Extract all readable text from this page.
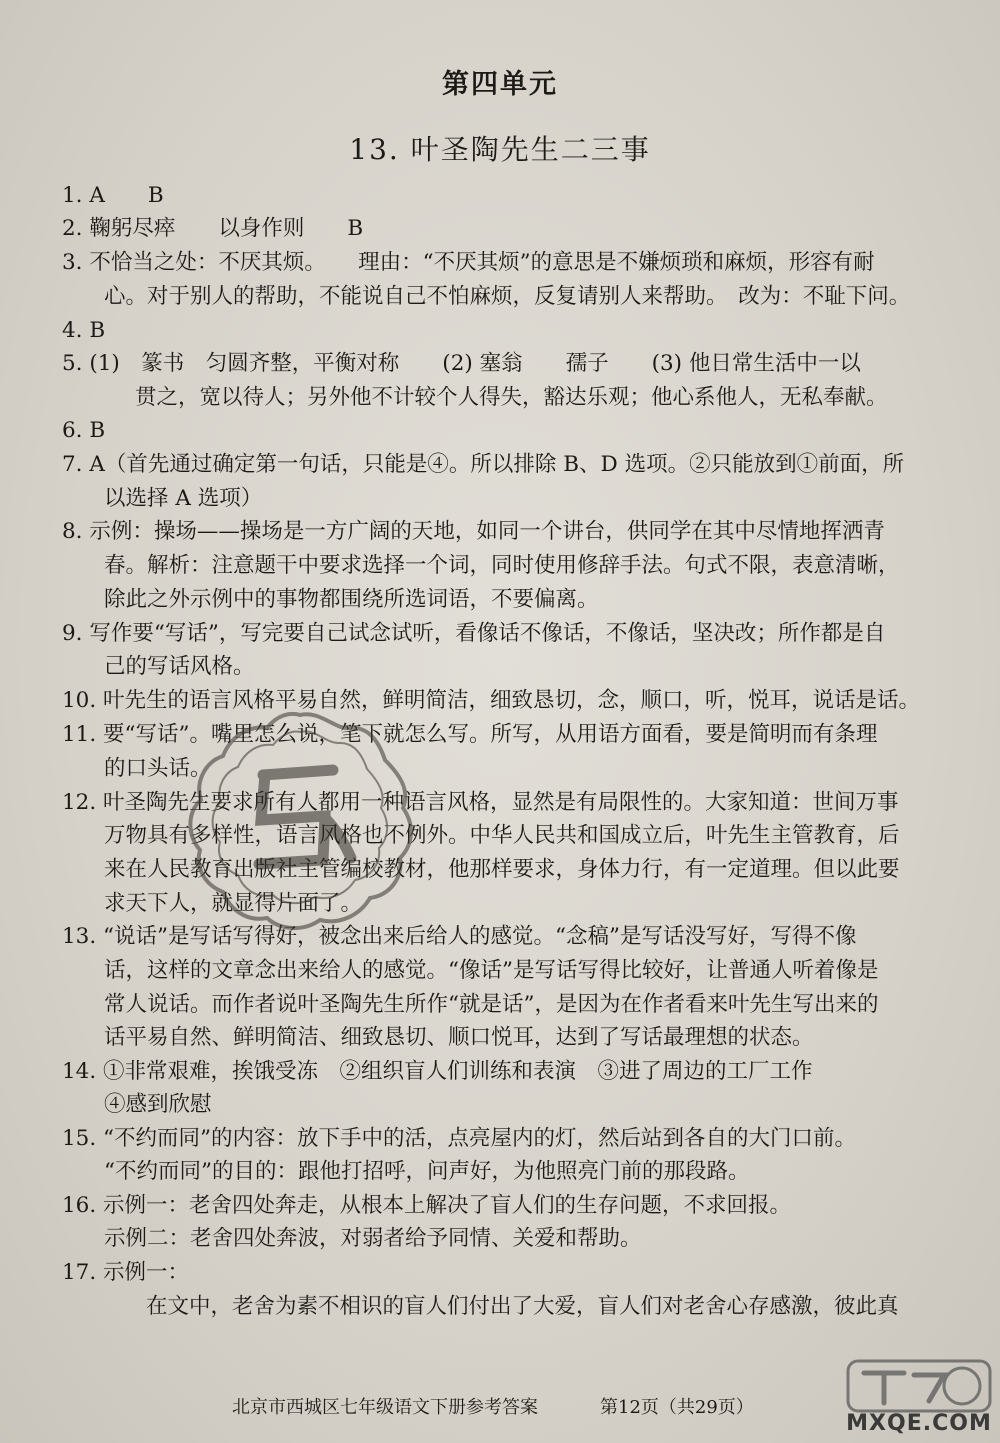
第四单元
13. 叶圣陶先生二三事
1. A　　B
2. 鞠躬尽瘁　　以身作则　　B
3. 不恰当之处：不厌其烦。　　理由：“不厌其烦”的意思是不嫌烦琐和麻烦，形容有耐
心。对于别人的帮助，不能说自己不怕麻烦，反复请别人来帮助。　改为：不耻下问。
4. B
5. (1)　篆书　匀圆齐整，平衡对称　　(2) 塞翁　　孺子　　(3) 他日常生活中一以
贯之，宽以待人；另外他不计较个人得失，豁达乐观；他心系他人，无私奉献。
6. B
7. A（首先通过确定第一句话，只能是④。所以排除 B、D 选项。②只能放到①前面，所
以选择 A 选项）
8. 示例：操场——操场是一方广阔的天地，如同一个讲台，供同学在其中尽情地挥洒青
春。解析：注意题干中要求选择一个词，同时使用修辞手法。句式不限，表意清晰，
除此之外示例中的事物都围绕所选词语，不要偏离。
9. 写作要“写话”，写完要自己试念试听，看像话不像话，不像话，坚决改；所作都是自
己的写话风格。
10. 叶先生的语言风格平易自然，鲜明简洁，细致恳切，念，顺口，听，悦耳，说话是话。
11. 要“写话”。嘴里怎么说，笔下就怎么写。所写，从用语方面看，要是简明而有条理
的口头话。
12. 叶圣陶先生要求所有人都用一种语言风格，显然是有局限性的。大家知道：世间万事
万物具有多样性，语言风格也不例外。中华人民共和国成立后，叶先生主管教育，后
来在人民教育出版社主管编校教材，他那样要求，身体力行，有一定道理。但以此要
求天下人，就显得片面了。
13. “说话”是写话写得好，被念出来后给人的感觉。“念稿”是写话没写好，写得不像
话，这样的文章念出来给人的感觉。“像话”是写话写得比较好，让普通人听着像是
常人说话。而作者说叶圣陶先生所作“就是话”，是因为在作者看来叶先生写出来的
话平易自然、鲜明简洁、细致恳切、顺口悦耳，达到了写话最理想的状态。
14. ①非常艰难，挨饿受冻　②组织盲人们训练和表演　③进了周边的工厂工作
④感到欣慰
15. “不约而同”的内容：放下手中的活，点亮屋内的灯，然后站到各自的大门口前。
“不约而同”的目的：跟他打招呼，问声好，为他照亮门前的那段路。
16. 示例一：老舍四处奔走，从根本上解决了盲人们的生存问题，不求回报。
示例二：老舍四处奔波，对弱者给予同情、关爱和帮助。
17. 示例一：
在文中，老舍为素不相识的盲人们付出了大爱，盲人们对老舍心存感激，彼此真
MXQE.COM
北京市西城区七年级语文下册参考答案	第12页（共29页）
